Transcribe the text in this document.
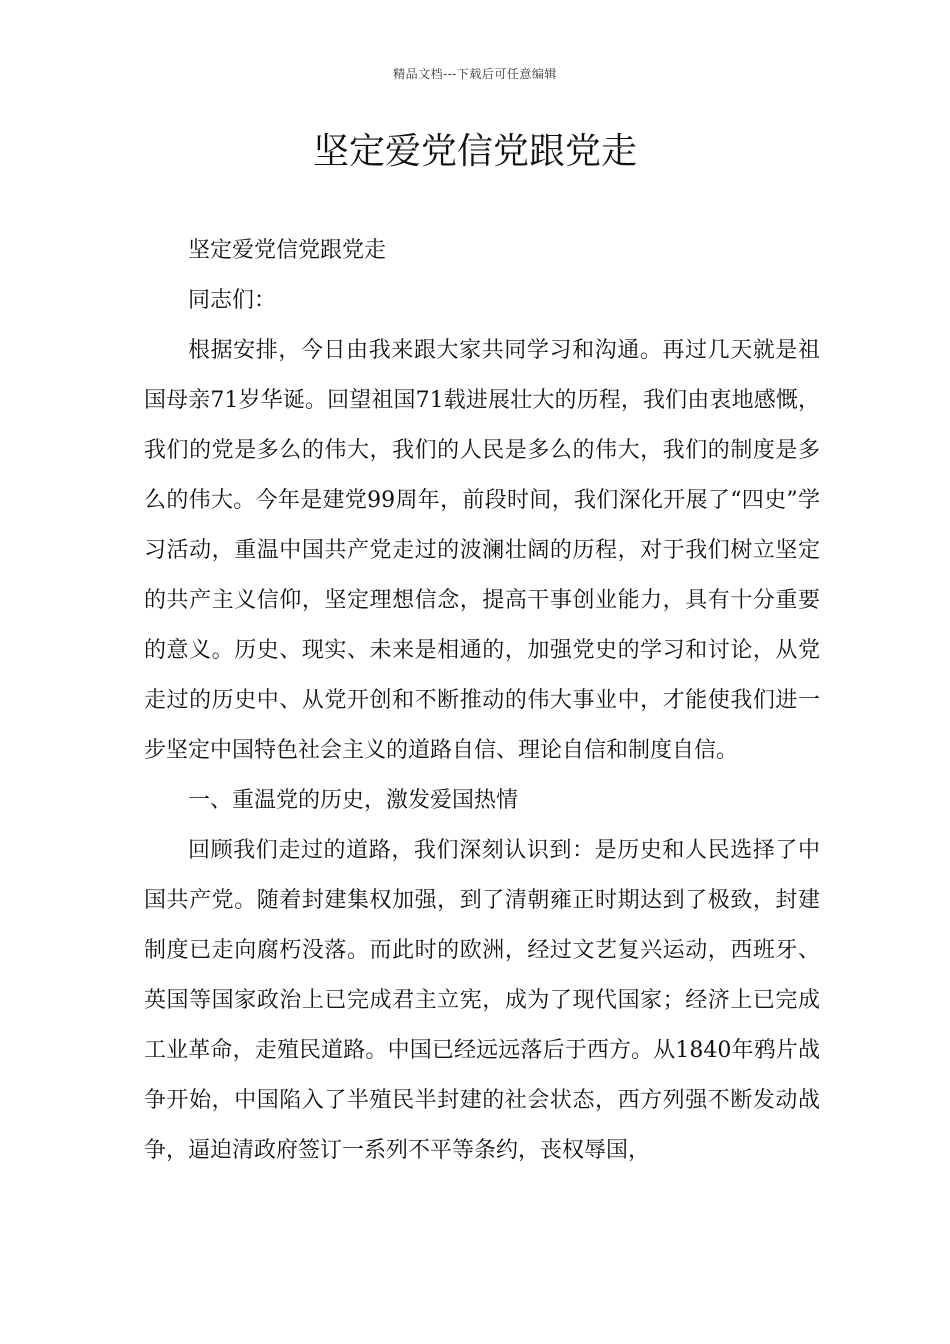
精品文档---下载后可任意编辑
坚定爱党信党跟党走

坚定爱党信党跟党走

同志们：

根据安排，今日由我来跟大家共同学习和沟通。再过几天就是祖国母亲71岁华诞。回望祖国71载进展壮大的历程，我们由衷地感慨，我们的党是多么的伟大，我们的人民是多么的伟大，我们的制度是多么的伟大。今年是建党99周年，前段时间，我们深化开展了“四史”学习活动，重温中国共产党走过的波澜壮阔的历程，对于我们树立坚定的共产主义信仰，坚定理想信念，提高干事创业能力，具有十分重要的意义。历史、现实、未来是相通的，加强党史的学习和讨论，从党走过的历史中、从党开创和不断推动的伟大事业中，才能使我们进一步坚定中国特色社会主义的道路自信、理论自信和制度自信。

一、重温党的历史，激发爱国热情

回顾我们走过的道路，我们深刻认识到：是历史和人民选择了中国共产党。随着封建集权加强，到了清朝雍正时期达到了极致，封建制度已走向腐朽没落。而此时的欧洲，经过文艺复兴运动，西班牙、英国等国家政治上已完成君主立宪，成为了现代国家；经济上已完成工业革命，走殖民道路。中国已经远远落后于西方。从1840年鸦片战争开始，中国陷入了半殖民半封建的社会状态，西方列强不断发动战争，逼迫清政府签订一系列不平等条约，丧权辱国，
